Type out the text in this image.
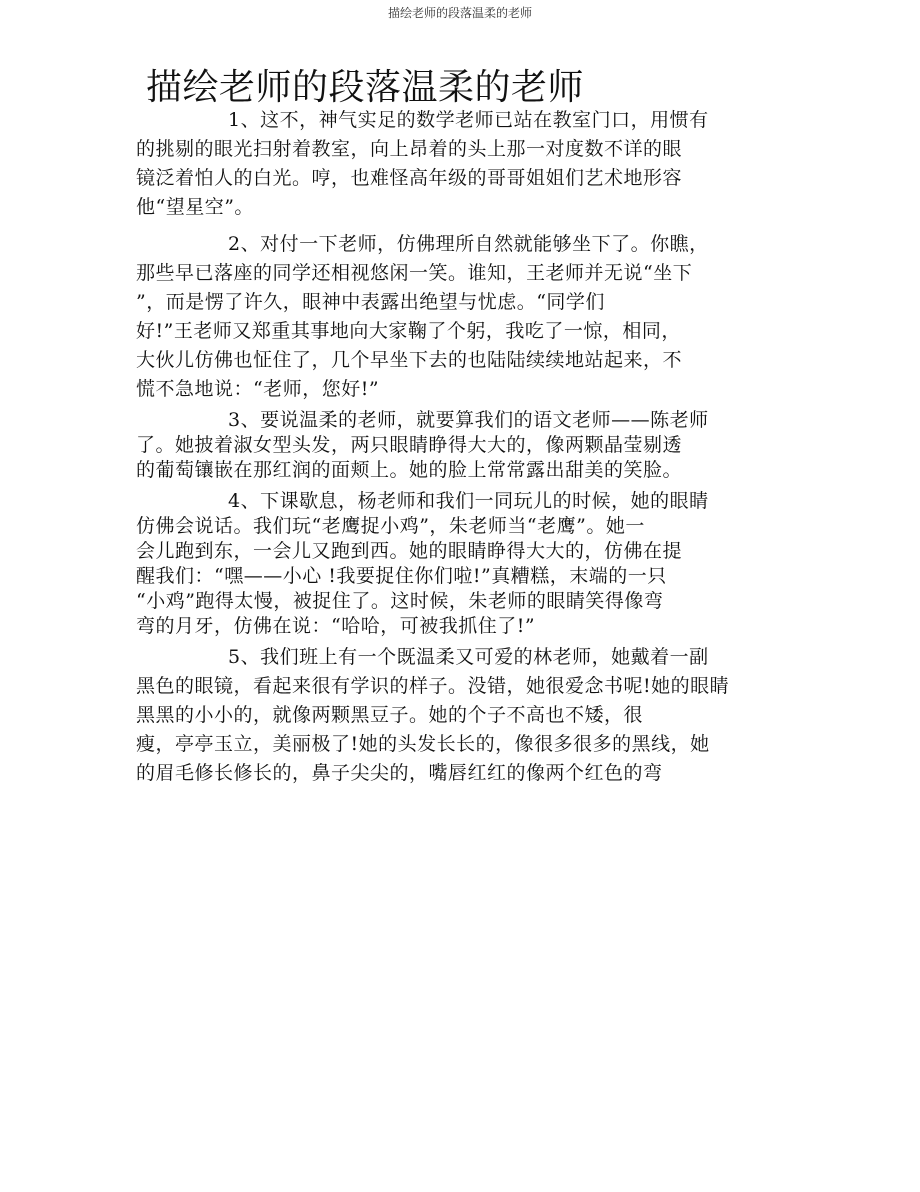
描绘老师的段落温柔的老师
描绘老师的段落温柔的老师
1、这不，神气实足的数学老师已站在教室门口，用惯有
的挑剔的眼光扫射着教室，向上昂着的头上那一对度数不详的眼
镜泛着怕人的白光。哼，也难怪高年级的哥哥姐姐们艺术地形容
他“望星空”。
2、对付一下老师，仿佛理所自然就能够坐下了。你瞧，
那些早已落座的同学还相视悠闲一笑。谁知，王老师并无说“坐下
”，而是愣了许久，眼神中表露出绝望与忧虑。“同学们
好!”王老师又郑重其事地向大家鞠了个躬，我吃了一惊，相同，
大伙儿仿佛也怔住了，几个早坐下去的也陆陆续续地站起来，不
慌不急地说：“老师，您好!”
3、要说温柔的老师，就要算我们的语文老师——陈老师
了。她披着淑女型头发，两只眼睛睁得大大的，像两颗晶莹剔透
的葡萄镶嵌在那红润的面颊上。她的脸上常常露出甜美的笑脸。
4、下课歇息，杨老师和我们一同玩儿的时候，她的眼睛
仿佛会说话。我们玩“老鹰捉小鸡”，朱老师当“老鹰”。她一
会儿跑到东，一会儿又跑到西。她的眼睛睁得大大的，仿佛在提
醒我们：“嘿——小心 !我要捉住你们啦!”真糟糕，末端的一只
“小鸡”跑得太慢，被捉住了。这时候，朱老师的眼睛笑得像弯
弯的月牙，仿佛在说：“哈哈，可被我抓住了!”
5、我们班上有一个既温柔又可爱的林老师，她戴着一副
黑色的眼镜，看起来很有学识的样子。没错，她很爱念书呢!她的眼睛
黑黑的小小的，就像两颗黑豆子。她的个子不高也不矮，很
瘦，亭亭玉立，美丽极了!她的头发长长的，像很多很多的黑线，她
的眉毛修长修长的，鼻子尖尖的，嘴唇红红的像两个红色的弯
